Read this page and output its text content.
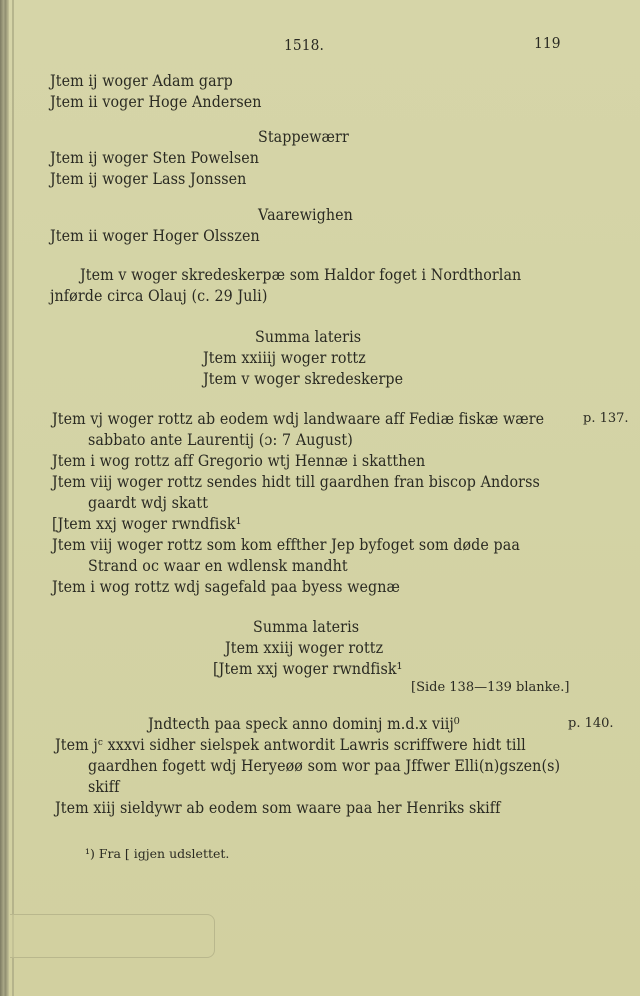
1518.	119
Jtem ij woger Adam garp
Jtem ii voger Hoge Andersen
Stappewærr
Jtem ij woger Sten Powelsen
Jtem ij woger Lass Jonssen
Vaarewighen
Jtem ii woger Hoger Olsszen
Jtem v woger skredeskerpæ som Haldor foget i Nordthorlan
jnførde circa Olauj (c. 29 Juli)
Summa lateris
Jtem xxiiij woger rottz
Jtem v woger skredeskerpe
Jtem vj woger rottz ab eodem wdj landwaare aff Fediæ fiskæ wære
sabbato ante Laurentij (ɔ: 7 August)
Jtem i wog rottz aff Gregorio wtj Hennæ i skatthen
Jtem viij woger rottz sendes hidt till gaardhen fran biscop Andorss
gaardt wdj skatt
[Jtem xxj woger rwndfisk¹
Jtem viij woger rottz som kom effther Jep byfoget som døde paa
Strand oc waar en wdlensk mandht
Jtem i wog rottz wdj sagefald paa byess wegnæ
Summa lateris
Jtem xxiij woger rottz
[Jtem xxj woger rwndfisk¹
Jndtecth paa speck anno dominj m.d.x viij⁰
Jtem jᶜ xxxvi sidher sielspek antwordit Lawris scriffwere hidt till
gaardhen fogett wdj Heryeøø som wor paa Jffwer Elli(n)gszen(s)
skiff
Jtem xiij sieldywr ab eodem som waare paa her Henriks skiff
p. 137.
[Side 138—139 blanke.]
p. 140.
¹) Fra [ igjen udslettet.
